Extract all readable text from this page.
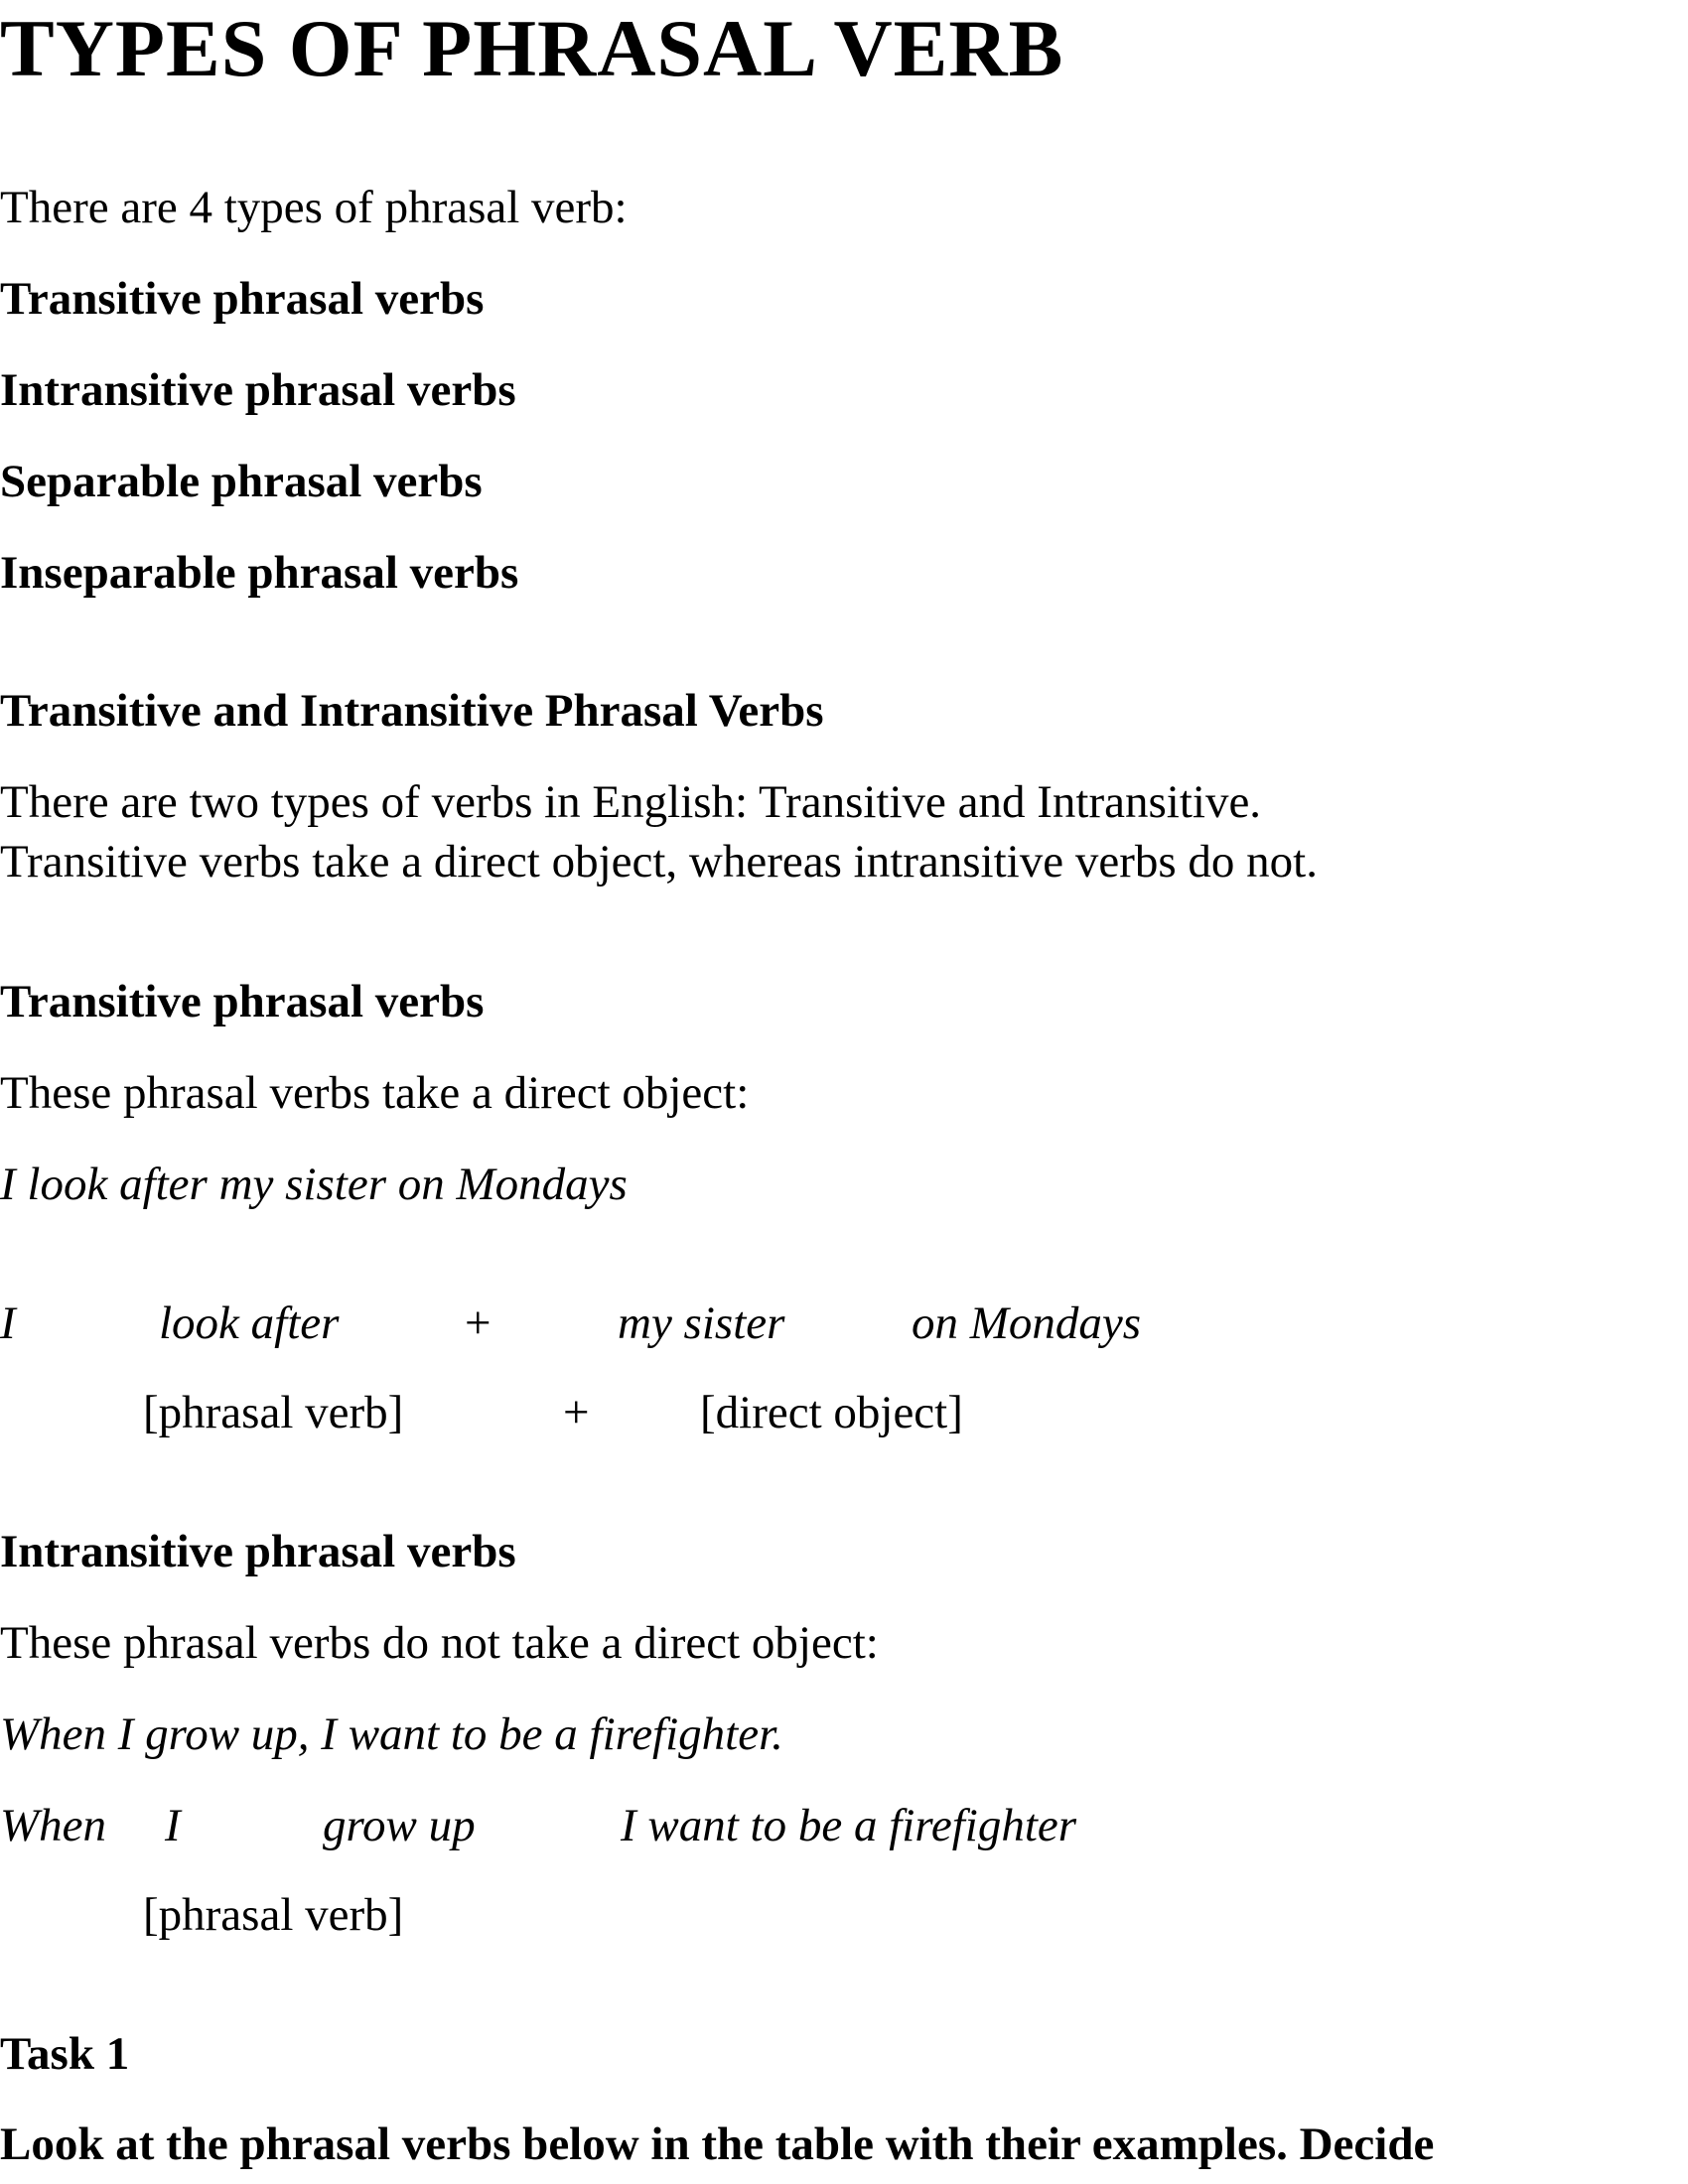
TYPES OF PHRASAL VERB
There are 4 types of phrasal verb:
Transitive phrasal verbs
Intransitive phrasal verbs
Separable phrasal verbs
Inseparable phrasal verbs
Transitive and Intransitive Phrasal Verbs
There are two types of verbs in English: Transitive and Intransitive.
Transitive verbs take a direct object, whereas intransitive verbs do not.
Transitive phrasal verbs
These phrasal verbs take a direct object:
I look after my sister on Mondays
I	look after	+	my sister	on Mondays
[phrasal verb]	+ [direct object]
Intransitive phrasal verbs
These phrasal verbs do not take a direct object:
When I grow up, I want to be a firefighter.
When I	grow up	I want to be a firefighter
[phrasal verb]
Task 1
Look at the phrasal verbs below in the table with their examples. Decide
